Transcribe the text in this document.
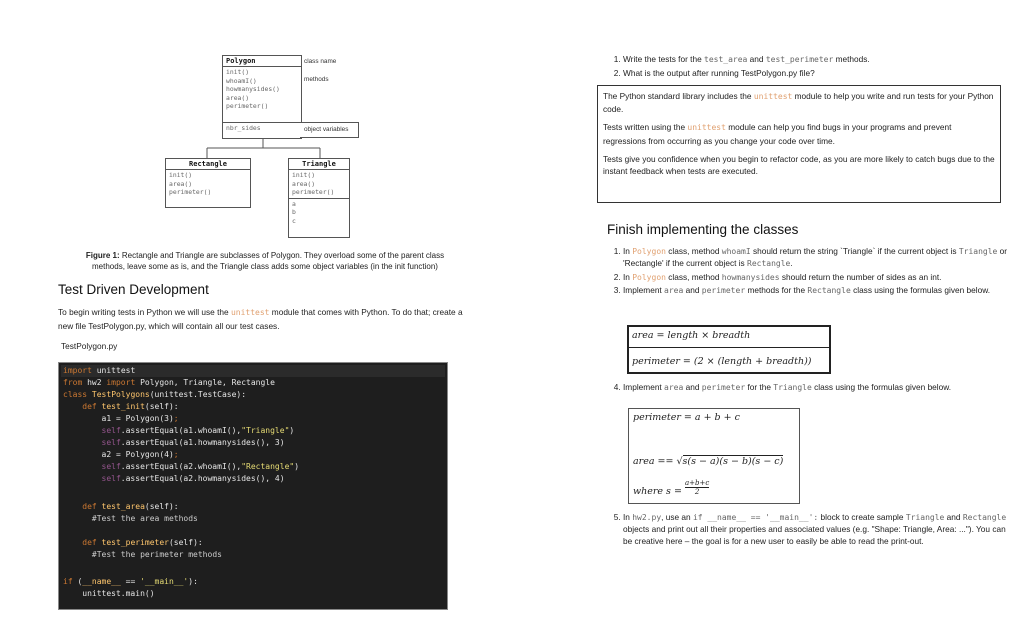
Polygon
init()
whoamI()
howmanysides()
area()
perimeter()
nbr_sides
class name
methods
object variables
Rectangle
init()
area()
perimeter()
Triangle
init()
area()
perimeter()
a
b
c
Figure 1: Rectangle and Triangle are subclasses of Polygon. They overload some of the parent class methods, leave some as is, and the Triangle class adds some object variables (in the init function)
Test Driven Development
To begin writing tests in Python we will use the unittest module that comes with Python. To do that; create a new file TestPolygon.py, which will contain all our test cases.
TestPolygon.py
import unittest
from hw2 import Polygon, Triangle, Rectangle
class TestPolygons(unittest.TestCase):
def test_init(self):
a1 = Polygon(3);
self.assertEqual(a1.whoamI(),"Triangle")
self.assertEqual(a1.howmanysides(), 3)
a2 = Polygon(4);
self.assertEqual(a2.whoamI(),"Rectangle")
self.assertEqual(a2.howmanysides(), 4)
def test_area(self):
#Test the area methods
def test_perimeter(self):
#Test the perimeter methods
if (__name__ == '__main__'):
unittest.main()
1. Write the tests for the test_area and test_perimeter methods.
2. What is the output after running TestPolygon.py file?

The Python standard library includes the unittest module to help you write and run tests for your Python code.

Tests written using the unittest module can help you find bugs in your programs and prevent regressions from occurring as you change your code over time.

Tests give you confidence when you begin to refactor code, as you are more likely to catch bugs due to the instant feedback when tests are executed.

Finish implementing the classes
1. In Polygon class, method whoamI should return the string `Triangle` if the current object is Triangle or 'Rectangle' if the current object is Rectangle.
2. In Polygon class, method howmanysides should return the number of sides as an int.
3. Implement area and perimeter methods for the Rectangle class using the formulas given below.
area = length × breadth
perimeter = (2 × (length + breadth))
4. Implement area and perimeter for the Triangle class using the formulas given below.
perimeter = a + b + c
area == √s(s − a)(s − b)(s − c)
where $s = \frac{a+b+c}{2}$
5. In hw2.py, use an if __name__ == '__main__': block to create sample Triangle and Rectangle objects and print out all their properties and associated values (e.g. "Shape: Triangle, Area: ..."). You can be creative here – the goal is for a new user to easily be able to read the print-out.
